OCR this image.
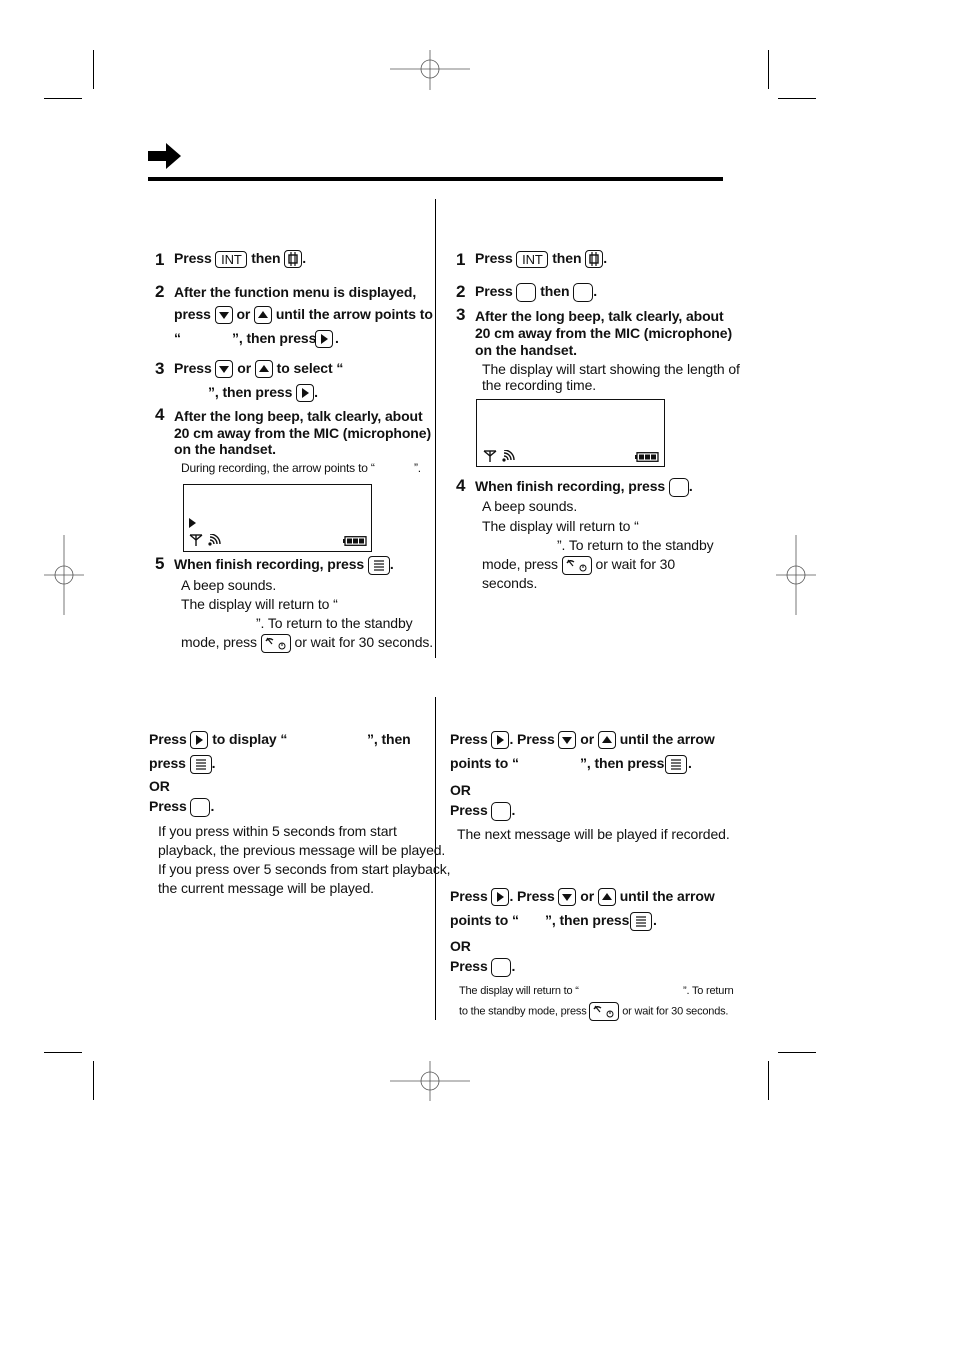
1 Press INT then .
2 After the function menu is displayed,
press or until the arrow points to
“	”, then press .
3 Press or to select “
”, then press .
4 After the long beep, talk clearly, about
20 cm away from the MIC (microphone)
on the handset.
During recording, the arrow points to “	”.
5 When finish recording, press .
A beep sounds.
The display will return to “
”. To return to the standby
mode, press	or wait for 30 seconds.
Press to display “	”, then
press .
OR
Press .
If you press within 5 seconds from start
playback, the previous message will be played.
If you press over 5 seconds from start playback,
the current message will be played.
1 Press INT then .
2 Press then .
3 After the long beep, talk clearly, about
20 cm away from the MIC (microphone)
on the handset.
The display will start showing the length of
the recording time.
4 When finish recording, press .
A beep sounds.
The display will return to “
”. To return to the standby
mode, press	or wait for 30
seconds.
Press . Press or until the arrow
points to “	”, then press .
OR
Press .
The next message will be played if recorded.
Press . Press or until the arrow
points to “ ”, then press .
OR
Press .
The display will return to “	”. To return
to the standby mode, press	or wait for 30 seconds.
